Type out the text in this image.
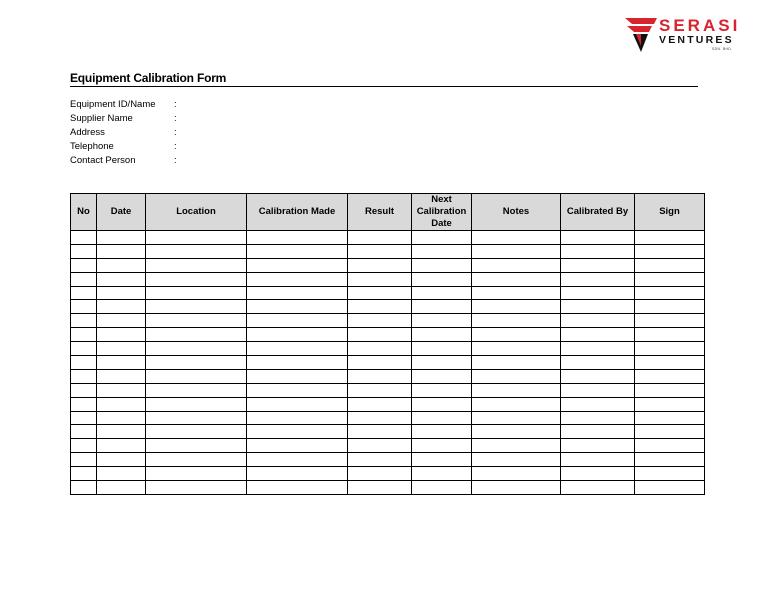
SERASI
VENTURES
SDN. BHD.
Equipment Calibration Form
Equipment ID/Name :
Supplier Name	:
Address	:
Telephone	:
Contact Person	:
No	Date	Location	Calibration Made	Result	Next
Calibration
Date	Notes	Calibrated By	Sign
